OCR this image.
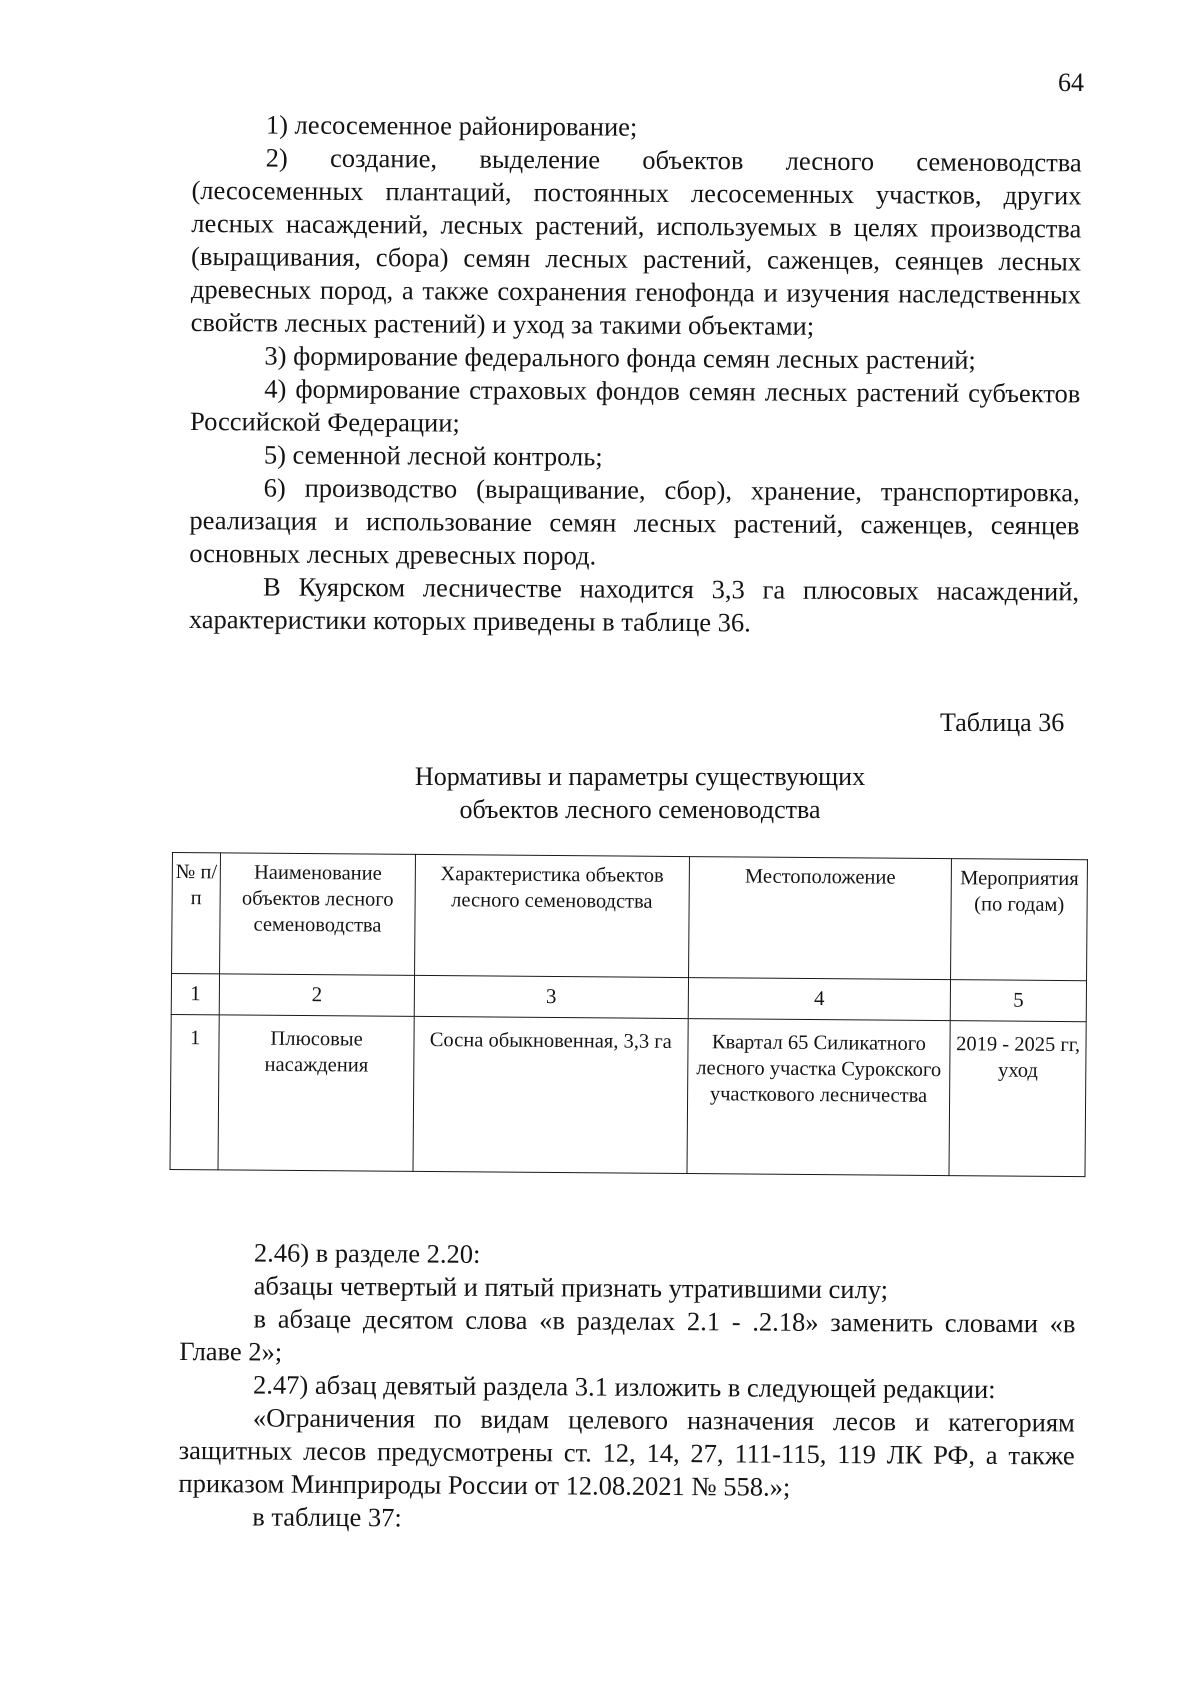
64

1) лесосеменное районирование;

2) создание, выделение объектов лесного семеноводства (лесосеменных плантаций, постоянных лесосеменных участков, других лесных насаждений, лесных растений, используемых в целях производства (выращивания, сбора) семян лесных растений, саженцев, сеянцев лесных древесных пород, а также сохранения генофонда и изучения наследственных свойств лесных растений) и уход за такими объектами;

3) формирование федерального фонда семян лесных растений;

4) формирование страховых фондов семян лесных растений субъектов Российской Федерации;

5) семенной лесной контроль;

6) производство (выращивание, сбор), хранение, транспортировка, реализация и использование семян лесных растений, саженцев, сеянцев основных лесных древесных пород.

В Куярском лесничестве находится 3,3 га плюсовых насаждений, характеристики которых приведены в таблице 36.

Таблица 36
Нормативы и параметры существующих
объектов лесного семеноводства
№ п/п	Наименование объектов лесного семеноводства	Характеристика объектов лесного семеноводства	Местоположение	Мероприятия (по годам)
1	2	3	4	5
1	Плюсовые насаждения	Сосна обыкновенная, 3,3 га	Квартал 65 Силикатного лесного участка Сурокского участкового лесничества	2019 - 2025 гг, уход

2.46) в разделе 2.20:

абзацы четвертый и пятый признать утратившими силу;

в абзаце десятом слова «в разделах 2.1 - .2.18» заменить словами «в Главе 2»;

2.47) абзац девятый раздела 3.1 изложить в следующей редакции:

«Ограничения по видам целевого назначения лесов и категориям защитных лесов предусмотрены ст. 12, 14, 27, 111-115, 119 ЛК РФ, а также приказом Минприроды России от 12.08.2021 № 558.»;

в таблице 37:
